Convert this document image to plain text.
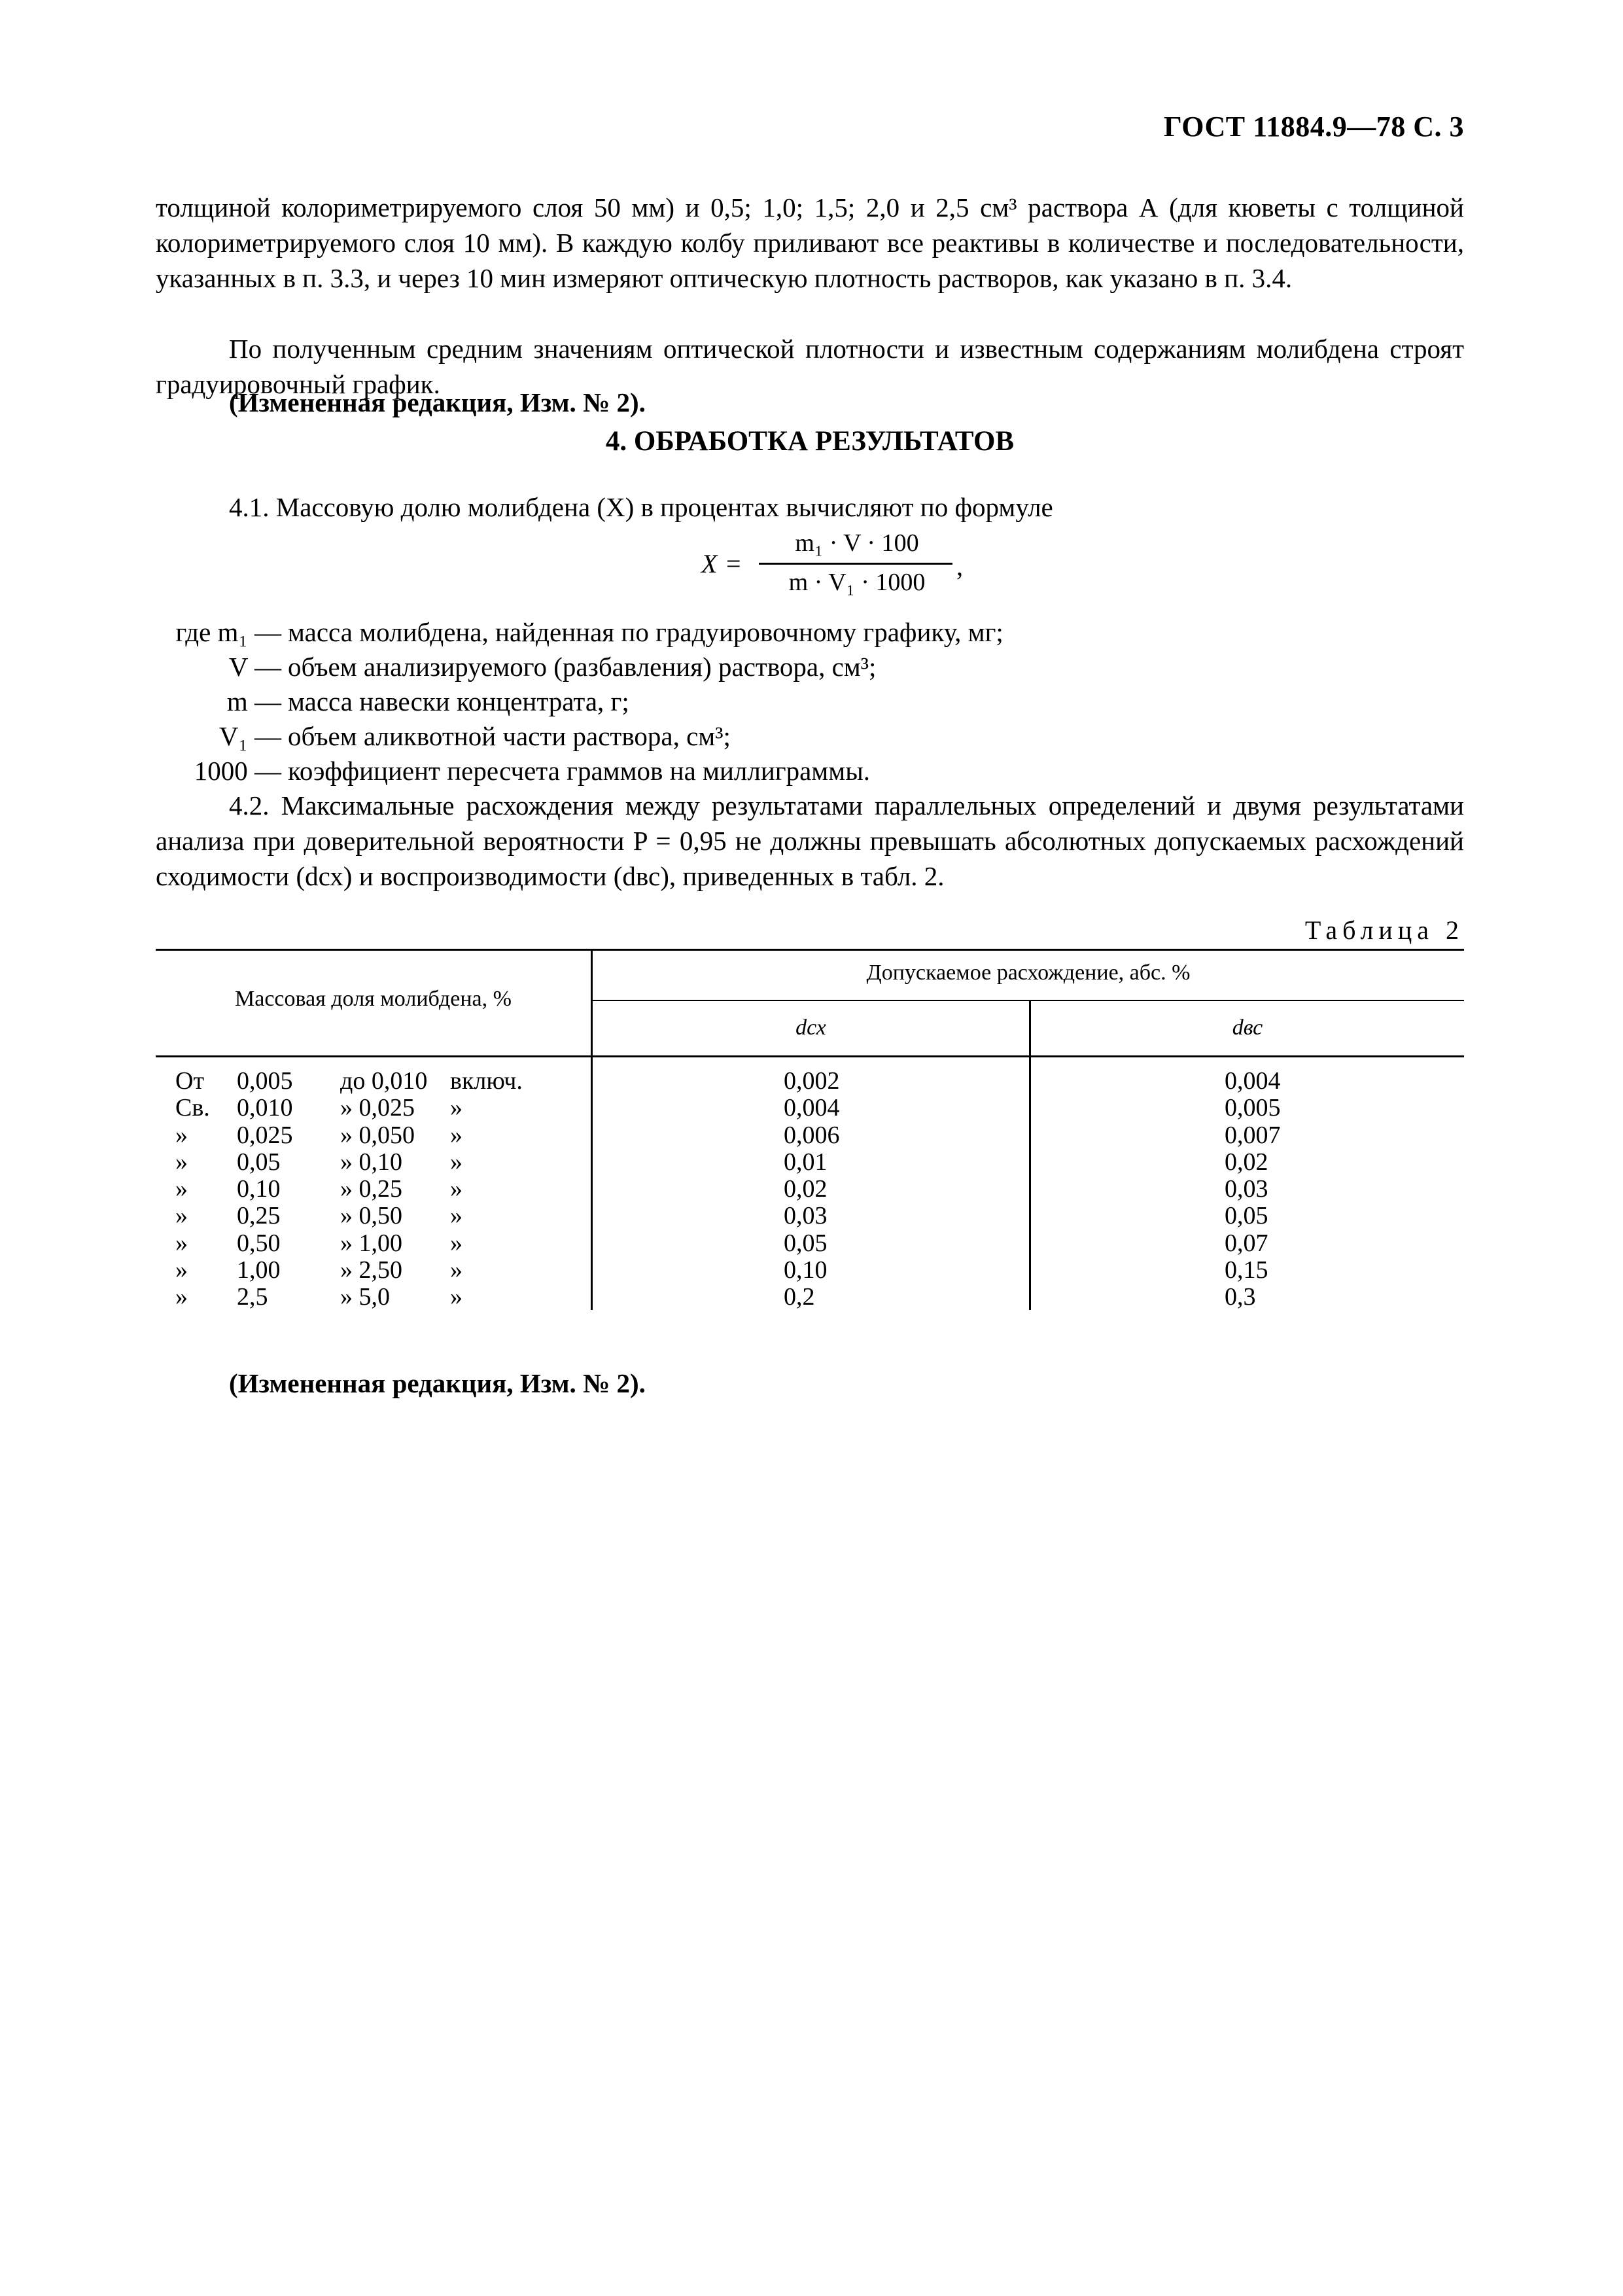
ГОСТ 11884.9—78 С. 3
толщиной колориметрируемого слоя 50 мм) и 0,5; 1,0; 1,5; 2,0 и 2,5 см³ раствора А (для кюветы с толщиной колориметрируемого слоя 10 мм). В каждую колбу приливают все реактивы в количестве и последовательности, указанных в п. 3.3, и через 10 мин измеряют оптическую плотность растворов, как указано в п. 3.4.
По полученным средним значениям оптической плотности и известным содержаниям молибдена строят градуировочный график.
(Измененная редакция, Изм. № 2).
4. ОБРАБОТКА РЕЗУЛЬТАТОВ
4.1. Массовую долю молибдена (X) в процентах вычисляют по формуле
X =
m₁ · V · 100
m · V₁ · 1000
,
где m₁ — масса молибдена, найденная по градуировочному графику, мг;
V — объем анализируемого (разбавления) раствора, см³;
m — масса навески концентрата, г;
V₁ — объем аликвотной части раствора, см³;
1000 — коэффициент пересчета граммов на миллиграммы.
4.2. Максимальные расхождения между результатами параллельных определений и двумя результатами анализа при доверительной вероятности P = 0,95 не должны превышать абсолютных допускаемых расхождений сходимости (dсх) и воспроизводимости (dвс), приведенных в табл. 2.
Таблица 2
Массовая доля молибдена, %
Допускаемое расхождение, абс. %
dсх	dвс
От	0,005	до 0,010 включ.	0,002	0,004
Св.	0,010	» 0,025	»	0,004	0,005
»	0,025	» 0,050	»	0,006	0,007
»	0,05	» 0,10	»	0,01	0,02
»	0,10	» 0,25	»	0,02	0,03
»	0,25	» 0,50	»	0,03	0,05
»	0,50	» 1,00	»	0,05	0,07
»	1,00	» 2,50	»	0,10	0,15
»	2,5	» 5,0	»	0,2	0,3
(Измененная редакция, Изм. № 2).
